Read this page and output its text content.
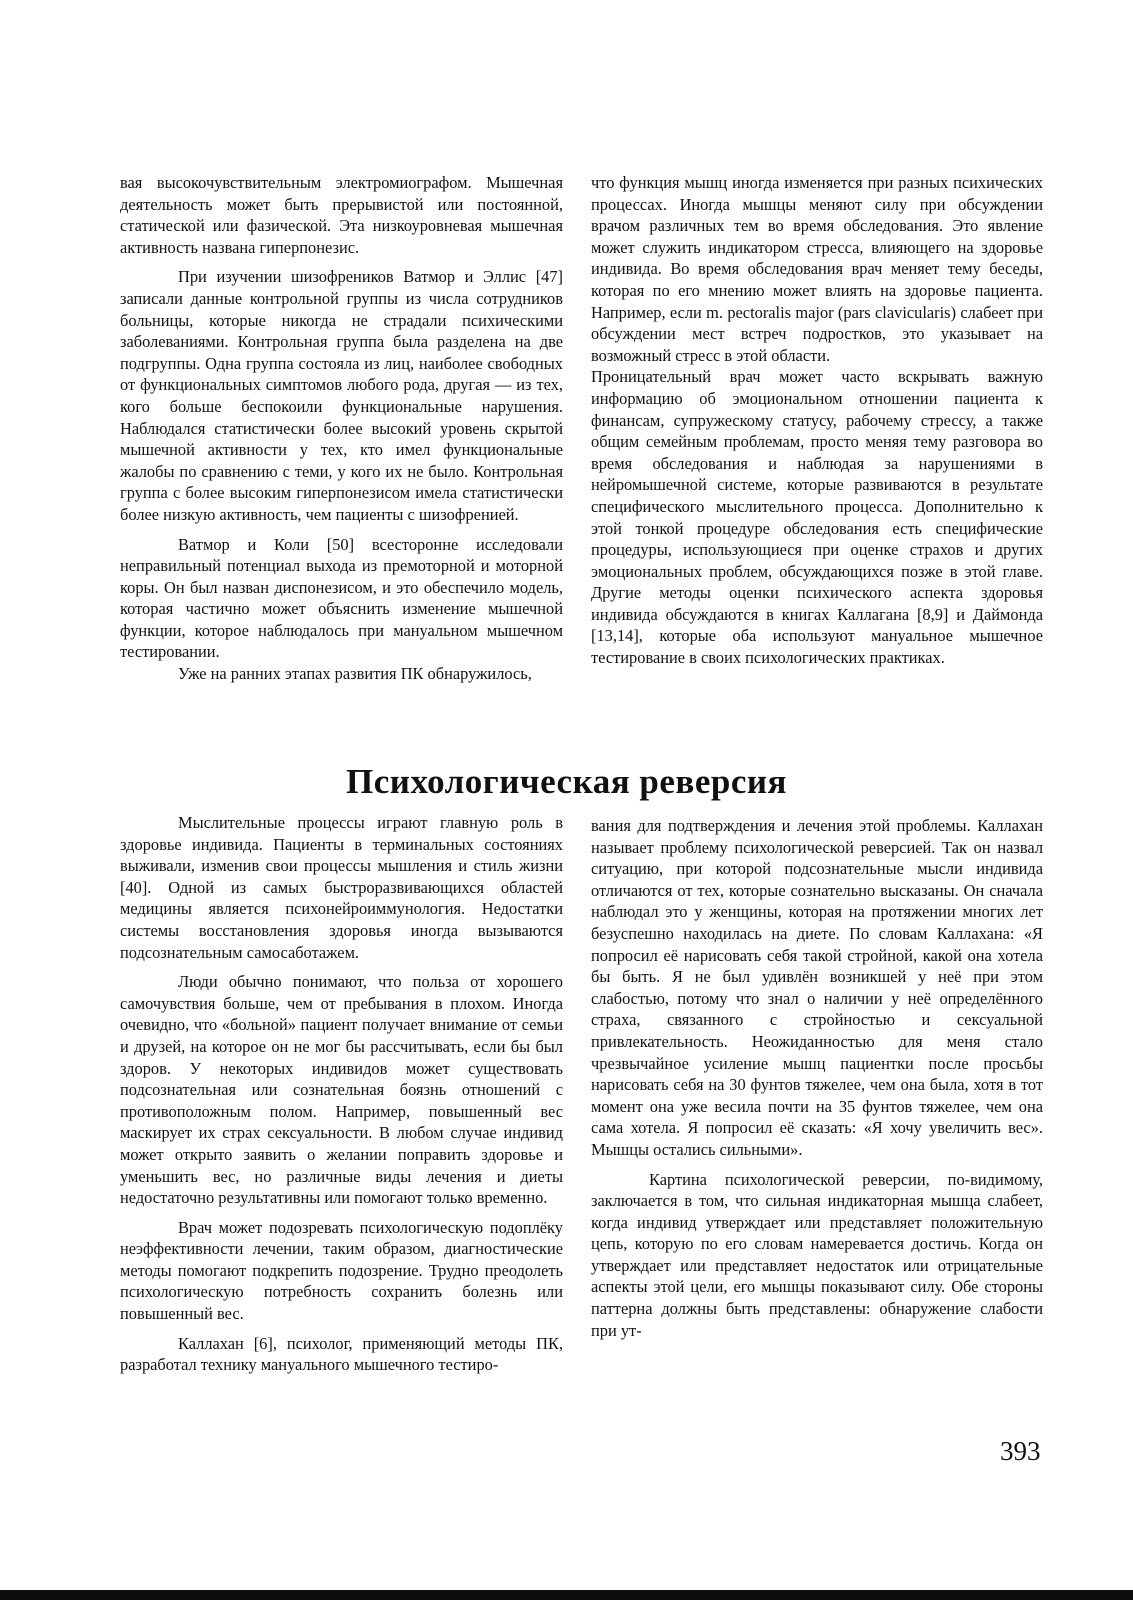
вая высокочувствительным электромиографом. Мышечная деятельность может быть прерывистой или постоянной, статической или фазической. Эта низкоуровневая мышечная активность названа гиперпонезис.

При изучении шизофреников Ватмор и Эллис [47] записали данные контрольной группы из числа сотрудников больницы, которые никогда не страдали психическими заболеваниями. Контрольная группа была разделена на две подгруппы. Одна группа состояла из лиц, наиболее свободных от функциональных симптомов любого рода, другая — из тех, кого больше беспокоили функциональные нарушения. Наблюдался статистически более высокий уровень скрытой мышечной активности у тех, кто имел функциональные жалобы по сравнению с теми, у кого их не было. Контрольная группа с более высоким гиперпонезисом имела статистически более низкую активность, чем пациенты с шизофренией.

Ватмор и Коли [50] всесторонне исследовали неправильный потенциал выхода из премоторной и моторной коры. Он был назван диспонезисом, и это обеспечило модель, которая частично может объяснить изменение мышечной функции, которое наблюдалось при мануальном мышечном тестировании.

Уже на ранних этапах развития ПК обнаружилось,

что функция мышц иногда изменяется при разных психических процессах. Иногда мышцы меняют силу при обсуждении врачом различных тем во время обследования. Это явление может служить индикатором стресса, влияющего на здоровье индивида. Во время обследования врач меняет тему беседы, которая по его мнению может влиять на здоровье пациента. Например, если m. pectoralis major (pars clavicularis) слабеет при обсуждении мест встреч подростков, это указывает на возможный стресс в этой области.

Проницательный врач может часто вскрывать важную информацию об эмоциональном отношении пациента к финансам, супружескому статусу, рабочему стрессу, а также общим семейным проблемам, просто меняя тему разговора во время обследования и наблюдая за нарушениями в нейромышечной системе, которые развиваются в результате специфического мыслительного процесса. Дополнительно к этой тонкой процедуре обследования есть специфические процедуры, использующиеся при оценке страхов и других эмоциональных проблем, обсуждающихся позже в этой главе. Другие методы оценки психического аспекта здоровья индивида обсуждаются в книгах Каллагана [8,9] и Даймонда [13,14], которые оба используют мануальное мышечное тестирование в своих психологических практиках.

Психологическая реверсия

Мыслительные процессы играют главную роль в здоровье индивида. Пациенты в терминальных состояниях выживали, изменив свои процессы мышления и стиль жизни [40]. Одной из самых быстроразвивающихся областей медицины является психонейроиммунология. Недостатки системы восстановления здоровья иногда вызываются подсознательным самосаботажем.

Люди обычно понимают, что польза от хорошего самочувствия больше, чем от пребывания в плохом. Иногда очевидно, что «больной» пациент получает внимание от семьи и друзей, на которое он не мог бы рассчитывать, если бы был здоров. У некоторых индивидов может существовать подсознательная или сознательная боязнь отношений с противоположным полом. Например, повышенный вес маскирует их страх сексуальности. В любом случае индивид может открыто заявить о желании поправить здоровье и уменьшить вес, но различные виды лечения и диеты недостаточно результативны или помогают только временно.

Врач может подозревать психологическую подоплёку неэффективности лечении, таким образом, диагностические методы помогают подкрепить подозрение. Трудно преодолеть психологическую потребность сохранить болезнь или повышенный вес.

Каллахан [6], психолог, применяющий методы ПК, разработал технику мануального мышечного тестиро-

вания для подтверждения и лечения этой проблемы. Каллахан называет проблему психологической реверсией. Так он назвал ситуацию, при которой подсознательные мысли индивида отличаются от тех, которые сознательно высказаны. Он сначала наблюдал это у женщины, которая на протяжении многих лет безуспешно находилась на диете. По словам Каллахана: «Я попросил её нарисовать себя такой стройной, какой она хотела бы быть. Я не был удивлён возникшей у неё при этом слабостью, потому что знал о наличии у неё определённого страха, связанного с стройностью и сексуальной привлекательность. Неожиданностью для меня стало чрезвычайное усиление мышц пациентки после просьбы нарисовать себя на 30 фунтов тяжелее, чем она была, хотя в тот момент она уже весила почти на 35 фунтов тяжелее, чем она сама хотела. Я попросил её сказать: «Я хочу увеличить вес». Мышцы остались сильными».

Картина психологической реверсии, по-видимому, заключается в том, что сильная индикаторная мышца слабеет, когда индивид утверждает или представляет положительную цепь, которую по его словам намеревается достичь. Когда он утверждает или представляет недостаток или отрицательные аспекты этой цели, его мышцы показывают силу. Обе стороны паттерна должны быть представлены: обнаружение слабости при ут-

393
